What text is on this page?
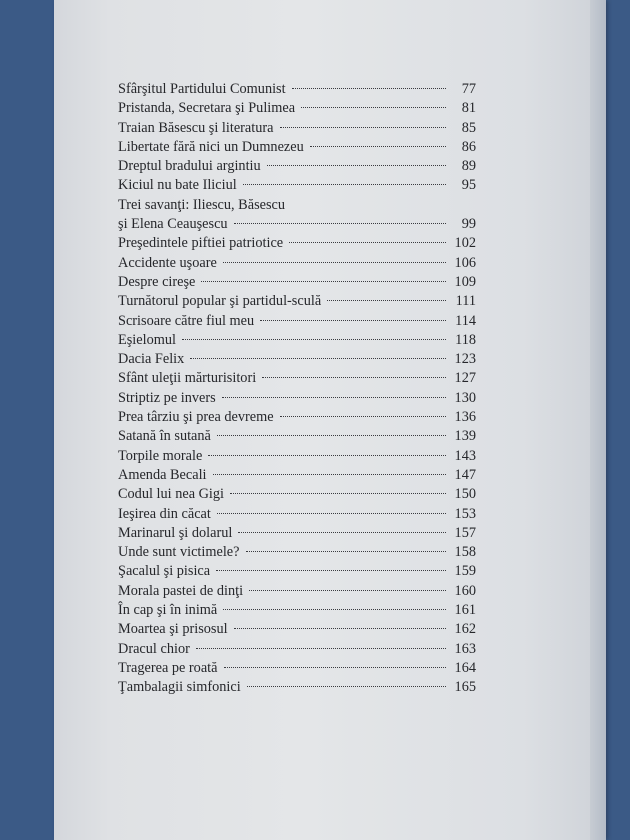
Sfârşitul Partidului Comunist	77
Pristanda, Secretara şi Pulimea	81
Traian Băsescu şi literatura	85
Libertate fără nici un Dumnezeu	86
Dreptul bradului argintiu	89
Kiciul nu bate Iliciul	95
Trei savanţi: Iliescu, Băsescu
şi Elena Ceauşescu	99
Preşedintele piftiei patriotice	102
Accidente uşoare	106
Despre cireşe	109
Turnătorul popular şi partidul-sculă	111
Scrisoare către fiul meu	114
Eşielomul	118
Dacia Felix	123
Sfânt uleţii mărturisitori	127
Striptiz pe invers	130
Prea târziu şi prea devreme	136
Satană în sutană	139
Torpile morale	143
Amenda Becali	147
Codul lui nea Gigi	150
Ieşirea din căcat	153
Marinarul şi dolarul	157
Unde sunt victimele?	158
Şacalul şi pisica	159
Morala pastei de dinţi	160
În cap şi în inimă	161
Moartea şi prisosul	162
Dracul chior	163
Tragerea pe roată	164
Ţambalagii simfonici	165
